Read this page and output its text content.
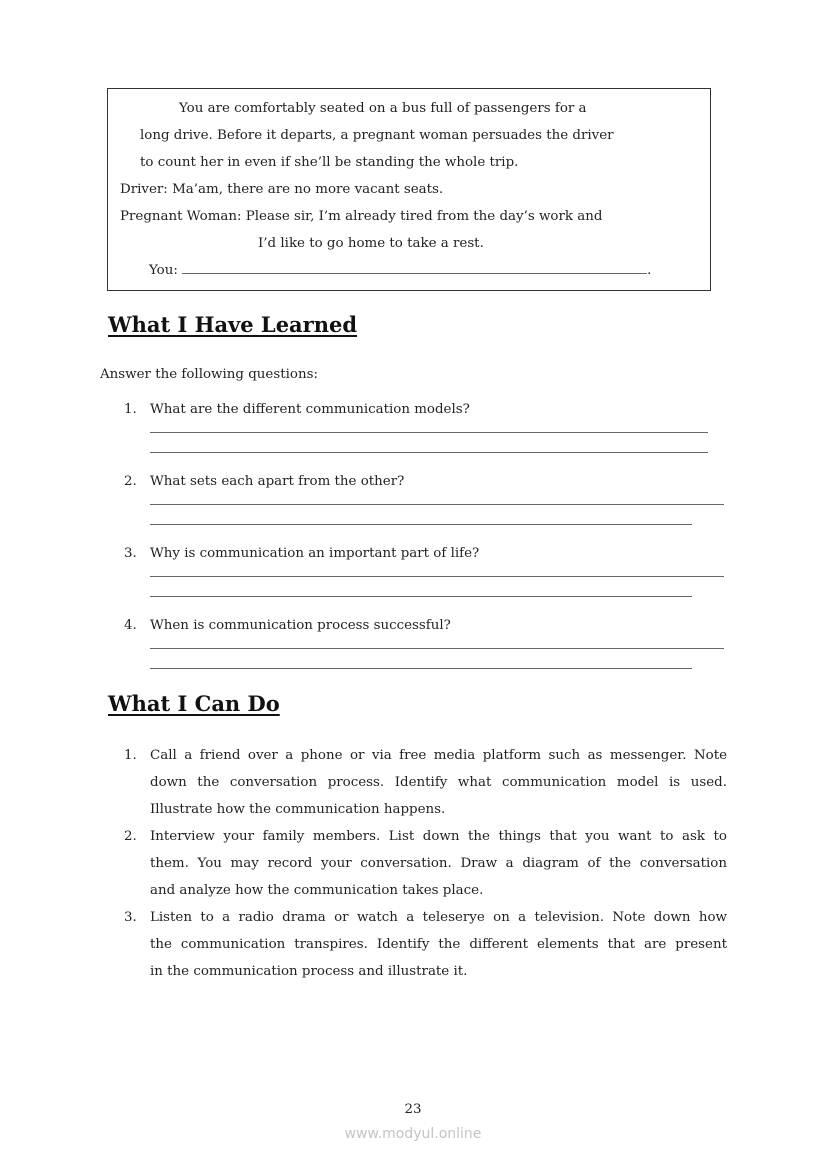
You are comfortably seated on a bus full of passengers for a
long drive. Before it departs, a pregnant woman persuades the driver
to count her in even if she’ll be standing the whole trip.
Driver: Ma’am, there are no more vacant seats.
Pregnant Woman: Please sir, I’m already tired from the day’s work and
I’d like to go home to take a rest.
You:	.
What I Have Learned
Answer the following questions:
1. What are the different communication models?
2. What sets each apart from the other?
3. Why is communication an important part of life?
4. When is communication process successful?
What I Can Do
1. Call a friend over a phone or via free media platform such as messenger. Note
down the conversation process. Identify what communication model is used.
Illustrate how the communication happens.
2. Interview your family members. List down the things that you want to ask to
them. You may record your conversation. Draw a diagram of the conversation
and analyze how the communication takes place.
3. Listen to a radio drama or watch a teleserye on a television. Note down how
the communication transpires. Identify the different elements that are present
in the communication process and illustrate it.
23
www.modyul.online
